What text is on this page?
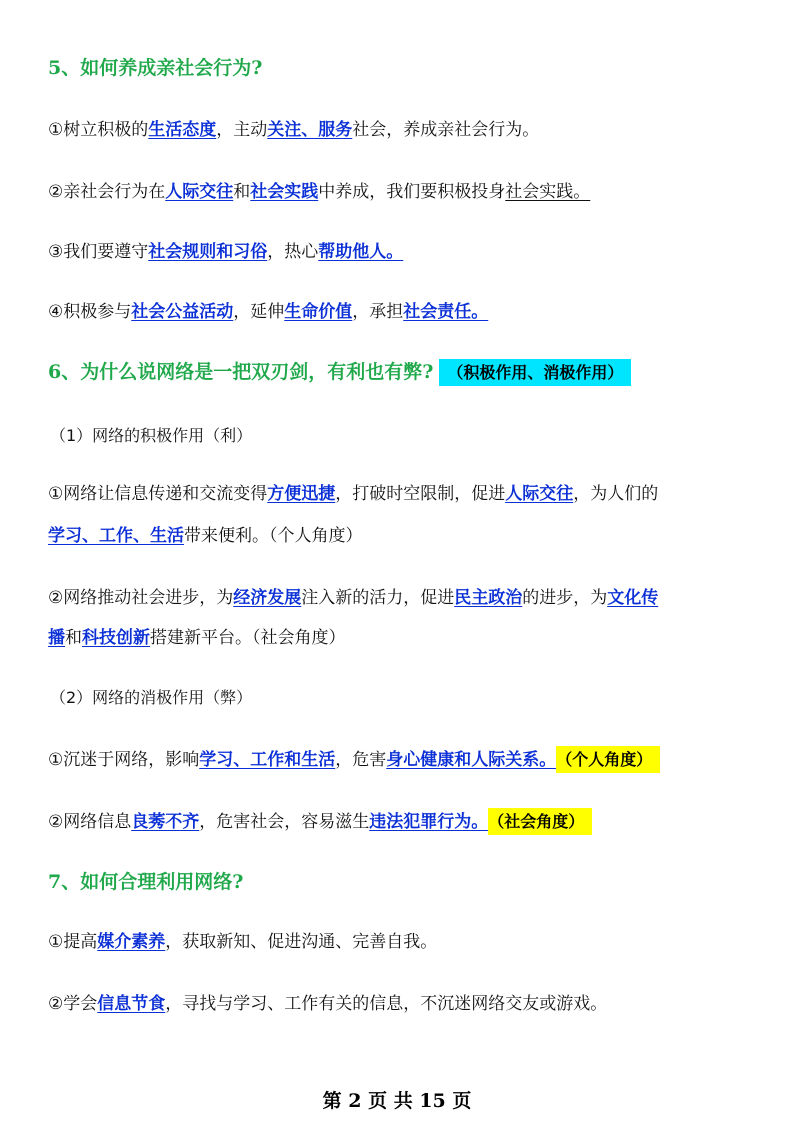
5、如何养成亲社会行为?
①树立积极的生活态度，主动关注、服务社会，养成亲社会行为。
②亲社会行为在人际交往和社会实践中养成，我们要积极投身社会实践。
③我们要遵守社会规则和习俗，热心帮助他人。
④积极参与社会公益活动，延伸生命价值，承担社会责任。
6、为什么说网络是一把双刃剑，有利也有弊? （积极作用、消极作用）
（1）网络的积极作用（利）
①网络让信息传递和交流变得方便迅捷，打破时空限制，促进人际交往，为人们的
学习、工作、生活带来便利。（个人角度）
②网络推动社会进步，为经济发展注入新的活力，促进民主政治的进步，为文化传
播和科技创新搭建新平台。（社会角度）
（2）网络的消极作用（弊）
①沉迷于网络，影响学习、工作和生活，危害身心健康和人际关系。 （个人角度）
②网络信息良莠不齐，危害社会，容易滋生违法犯罪行为。 （社会角度）
7、如何合理利用网络?
①提高媒介素养，获取新知、促进沟通、完善自我。
②学会信息节食，寻找与学习、工作有关的信息，不沉迷网络交友或游戏。
第 2 页 共 15 页
